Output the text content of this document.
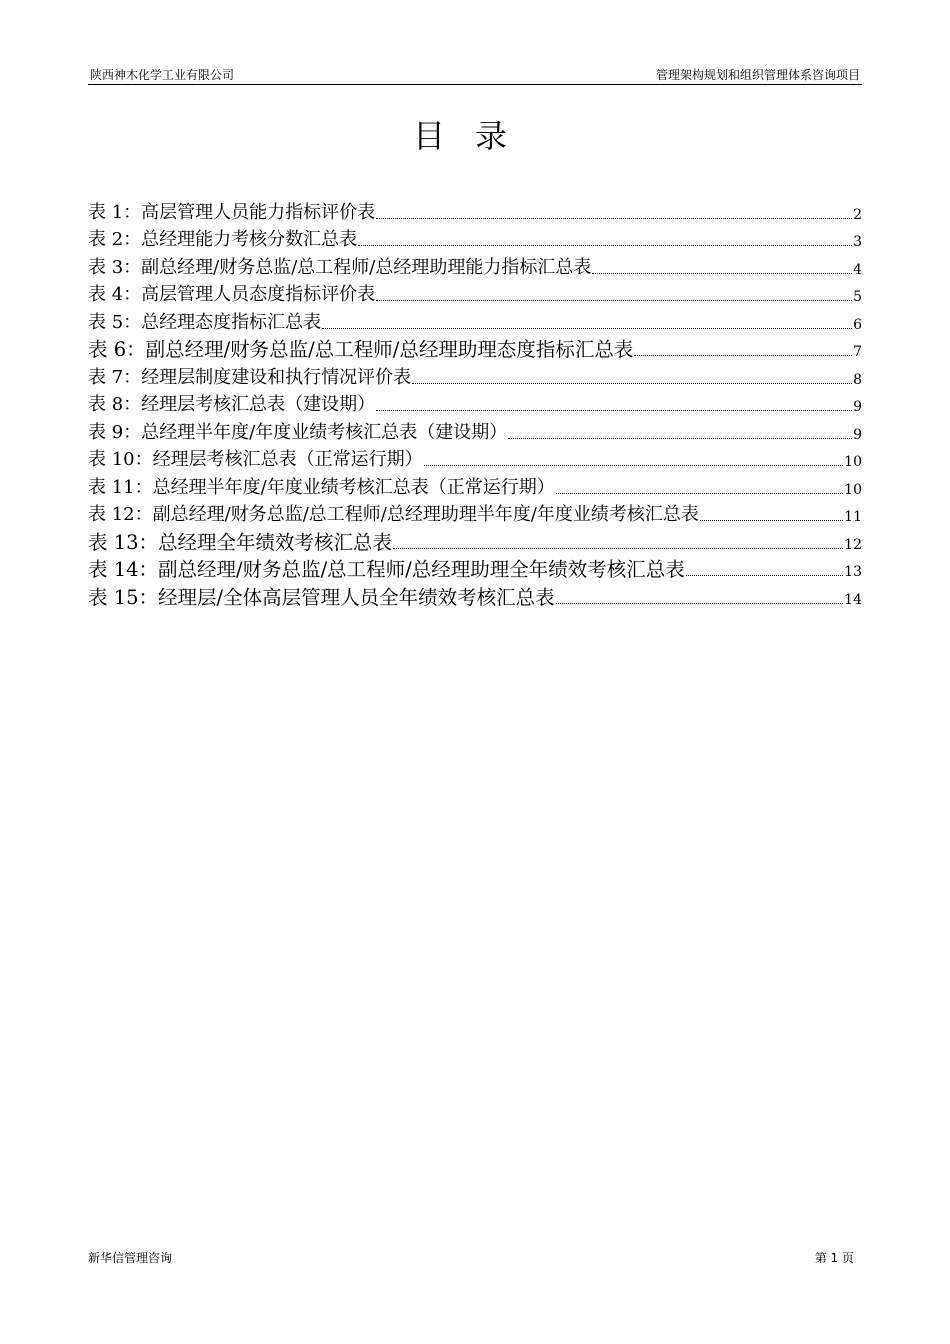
陕西神木化学工业有限公司	管理架构规划和组织管理体系咨询项目
目录
表 1：高层管理人员能力指标评价表	2
表 2：总经理能力考核分数汇总表	3
表 3：副总经理/财务总监/总工程师/总经理助理能力指标汇总表	4
表 4：高层管理人员态度指标评价表	5
表 5：总经理态度指标汇总表	6
表 6：副总经理/财务总监/总工程师/总经理助理态度指标汇总表	7
表 7：经理层制度建设和执行情况评价表	8
表 8：经理层考核汇总表（建设期）	9
表 9：总经理半年度/年度业绩考核汇总表（建设期）	9
表 10：经理层考核汇总表（正常运行期）	10
表 11：总经理半年度/年度业绩考核汇总表（正常运行期）	10
表 12：副总经理/财务总监/总工程师/总经理助理半年度/年度业绩考核汇总表	11
表 13：总经理全年绩效考核汇总表	12
表 14：副总经理/财务总监/总工程师/总经理助理全年绩效考核汇总表	13
表 15：经理层/全体高层管理人员全年绩效考核汇总表	14
新华信管理咨询	第 1 页
